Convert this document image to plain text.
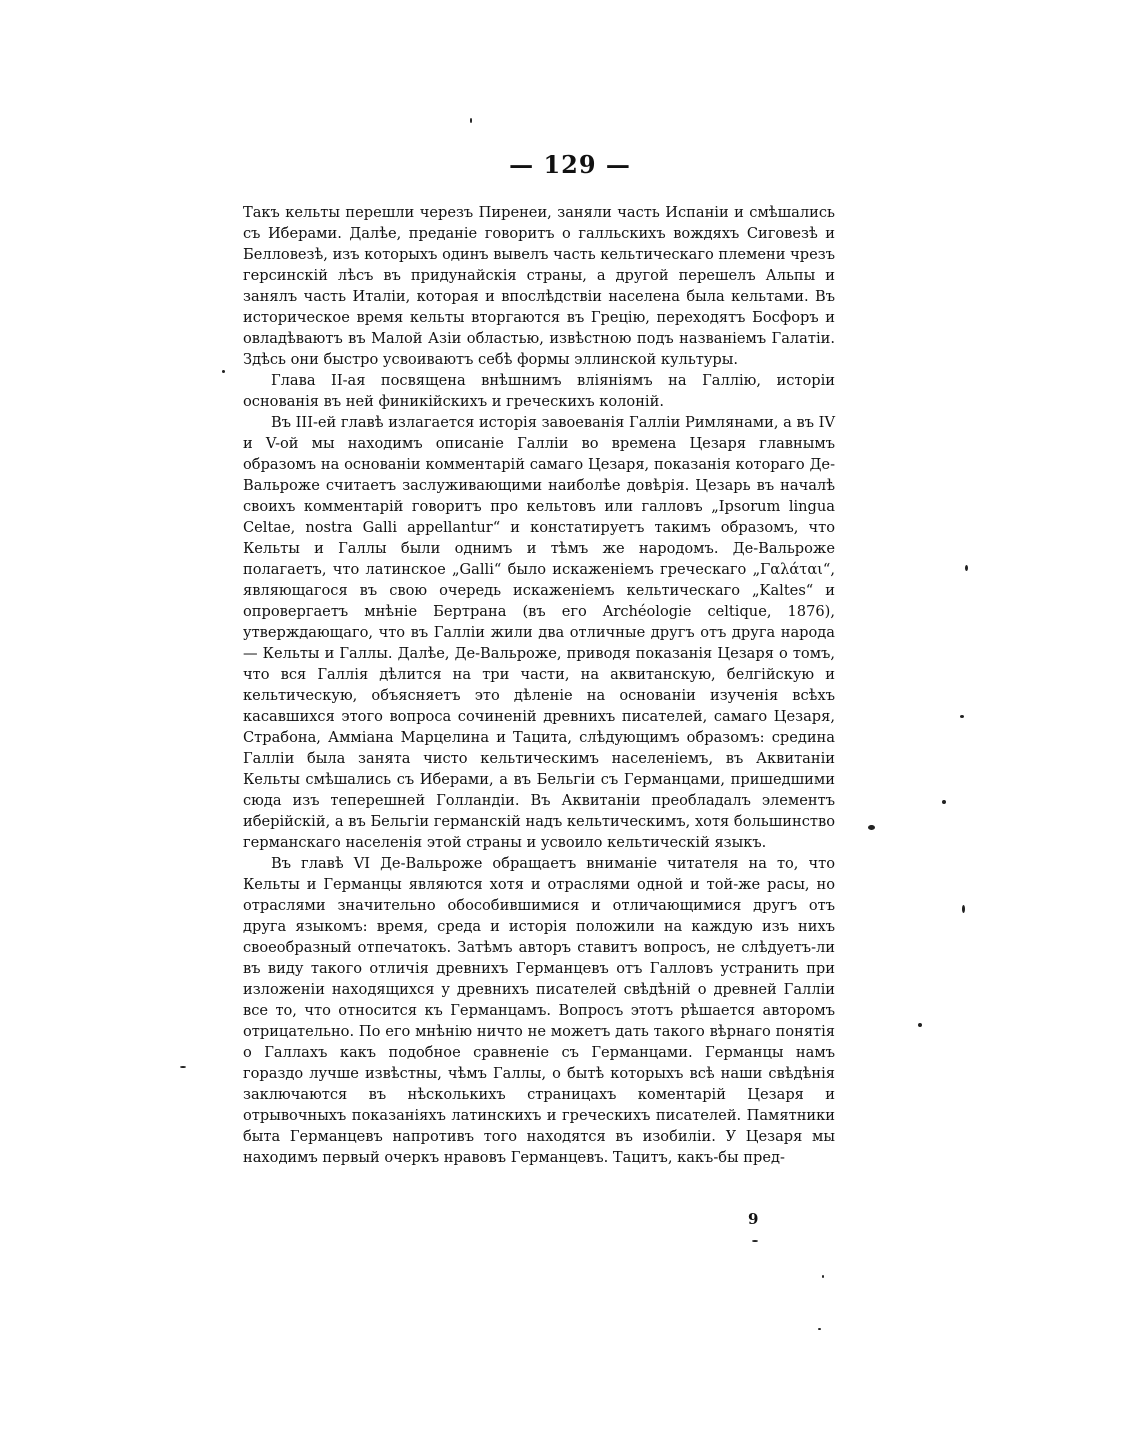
— 129 —

Такъ кельты перешли черезъ Пиренеи, заняли часть Испаніи и смѣшались съ Иберами. Далѣе, преданіе говоритъ о галльскихъ вождяхъ Сиговезѣ и Белловезѣ, изъ которыхъ одинъ вывелъ часть кельтическаго племени чрезъ герсинскій лѣсъ въ придунайскія страны, а другой перешелъ Альпы и занялъ часть Италіи, которая и впослѣдствіи населена была кельтами. Въ историческое время кельты вторгаются въ Грецію, переходятъ Босфоръ и овладѣваютъ въ Малой Азіи областью, извѣстною подъ названіемъ Галатіи. Здѣсь они быстро усвоиваютъ себѣ формы эллинской культуры.

Глава II-ая посвящена внѣшнимъ вліяніямъ на Галлію, исторіи основанія въ ней финикійскихъ и греческихъ колоній.

Въ III-ей главѣ излагается исторія завоеванія Галліи Римлянами, а въ IV и V-ой мы находимъ описаніе Галліи во времена Цезаря главнымъ образомъ на основаніи комментарій самаго Цезаря, показанія котораго Де-Вальроже считаетъ заслуживающими наиболѣе довѣрія. Цезарь въ началѣ своихъ комментарій говоритъ про кельтовъ или галловъ „Ipsorum lingua Celtae, nostra Galli appellantur“ и констатируетъ такимъ образомъ, что Кельты и Галлы были однимъ и тѣмъ же народомъ. Де-Вальроже полагаетъ, что латинское „Galli“ было искаженіемъ греческаго „Γαλάται“, являющагося въ свою очередь искаженіемъ кельтическаго „Kaltes“ и опровергаетъ мнѣніе Бертрана (въ его Archéologie celtique, 1876), утверждающаго, что въ Галліи жили два отличные другъ отъ друга народа — Кельты и Галлы. Далѣе, Де-Вальроже, приводя показанія Цезаря о томъ, что вся Галлія дѣлится на три части, на аквитанскую, белгійскую и кельтическую, объясняетъ это дѣленіе на основаніи изученія всѣхъ касавшихся этого вопроса сочиненій древнихъ писателей, самаго Цезаря, Страбона, Амміана Марцелина и Тацита, слѣдующимъ образомъ: средина Галліи была занята чисто кельтическимъ населеніемъ, въ Аквитаніи Кельты смѣшались съ Иберами, а въ Бельгіи съ Германцами, пришедшими сюда изъ теперешней Голландіи. Въ Аквитаніи преобладалъ элементъ иберійскій, а въ Бельгіи германскій надъ кельтическимъ, хотя большинство германскаго населенія этой страны и усвоило кельтическій языкъ.

Въ главѣ VI Де-Вальроже обращаетъ вниманіе читателя на то, что Кельты и Германцы являются хотя и отраслями одной и той-же расы, но отраслями значительно обособившимися и отличающимися другъ отъ друга языкомъ: время, среда и исторія положили на каждую изъ нихъ своеобразный отпечатокъ. Затѣмъ авторъ ставитъ вопросъ, не слѣдуетъ-ли въ виду такого отличія древнихъ Германцевъ отъ Галловъ устранить при изложеніи находящихся у древнихъ писателей свѣдѣній о древней Галліи все то, что относится къ Германцамъ. Вопросъ этотъ рѣшается авторомъ отрицательно. По его мнѣнію ничто не можетъ дать такого вѣрнаго понятія о Галлахъ какъ подобное сравненіе съ Германцами. Германцы намъ гораздо лучше извѣстны, чѣмъ Галлы, о бытѣ которыхъ всѣ наши свѣдѣнія заключаются въ нѣсколькихъ страницахъ коментарій Цезаря и отрывочныхъ показаніяхъ латинскихъ и греческихъ писателей. Памятники быта Германцевъ напротивъ того находятся въ изобиліи. У Цезаря мы находимъ первый очеркъ нравовъ Германцевъ. Тацитъ, какъ-бы пред-

9
